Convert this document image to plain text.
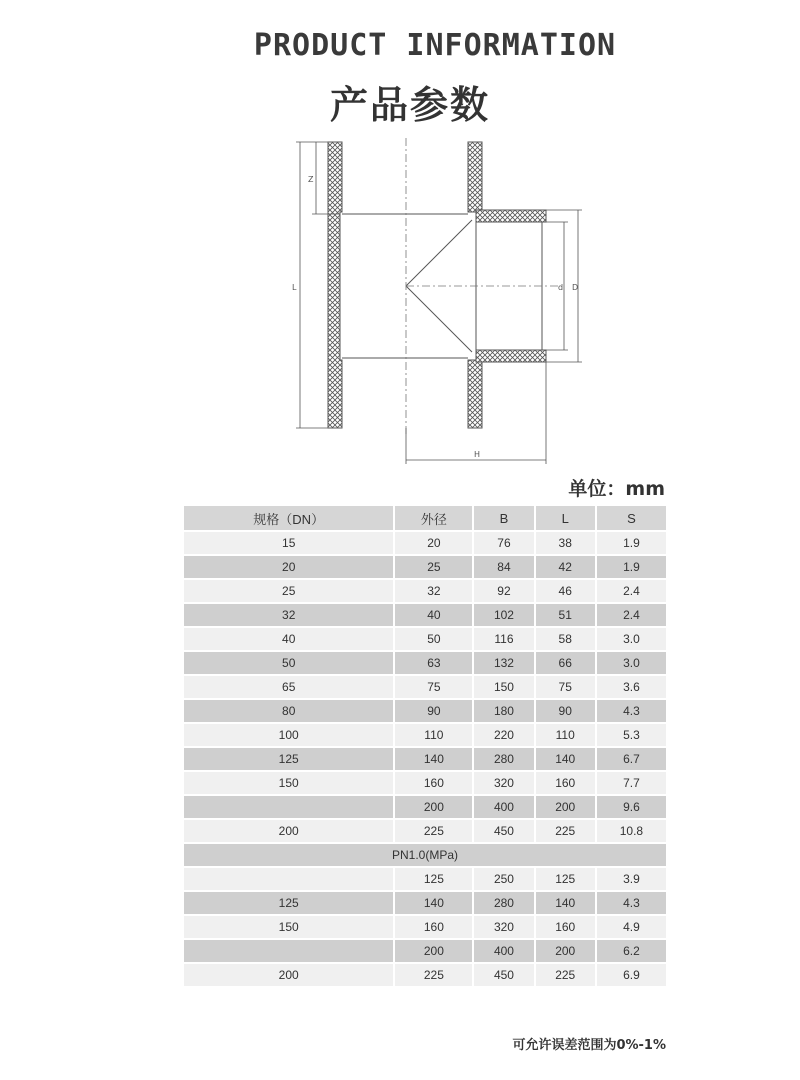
PRODUCT INFORMATION
产品参数
L
Z
d D
H
单位：mm
规格（DN）	外径	B	L	S
15	20	76	38	1.9
20	25	84	42	1.9
25	32	92	46	2.4
32	40	102	51	2.4
40	50	116	58	3.0
50	63	132	66	3.0
65	75	150	75	3.6
80	90	180	90	4.3
100	110	220	110	5.3
125	140	280	140	6.7
150	160	320	160	7.7
	200	400	200	9.6
200	225	450	225	10.8
PN1.0(MPa)				
	125	250	125	3.9
125	140	280	140	4.3
150	160	320	160	4.9
	200	400	200	6.2
200	225	450	225	6.9
可允许误差范围为0%-1%
